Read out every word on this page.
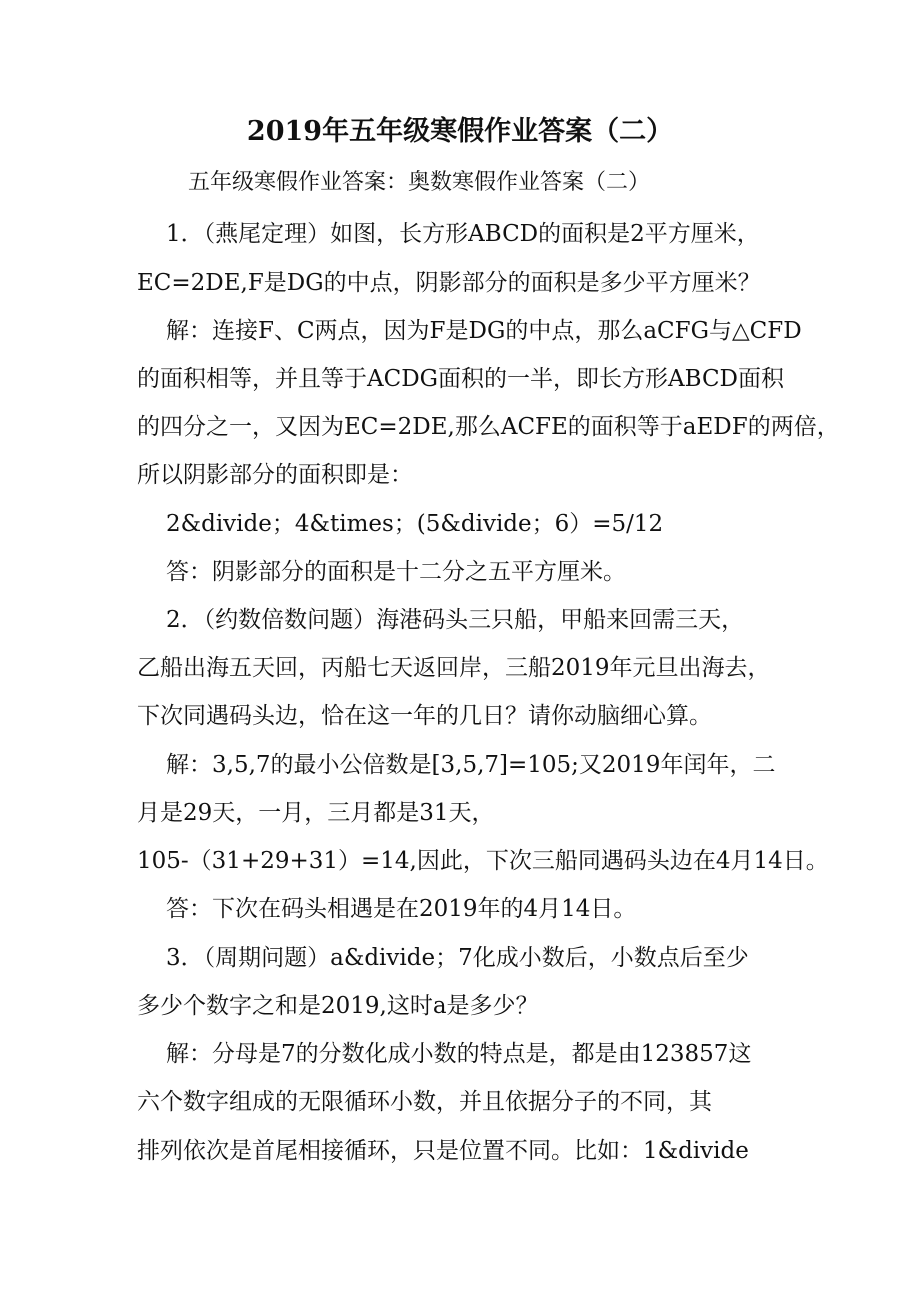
2019年五年级寒假作业答案（二）
五年级寒假作业答案：奥数寒假作业答案（二）
1．（燕尾定理）如图，长方形ABCD的面积是2平方厘米，
EC=2DE,F是DG的中点，阴影部分的面积是多少平方厘米？
解：连接F、C两点，因为F是DG的中点，那么aCFG与△CFD
的面积相等，并且等于ACDG面积的一半，即长方形ABCD面积
的四分之一，又因为EC=2DE,那么ACFE的面积等于aEDF的两倍，
所以阴影部分的面积即是：
2&divide；4&times；(5&divide；6）=5/12
答：阴影部分的面积是十二分之五平方厘米。
2．（约数倍数问题）海港码头三只船，甲船来回需三天，
乙船出海五天回，丙船七天返回岸，三船2019年元旦出海去，
下次同遇码头边，恰在这一年的几日？请你动脑细心算。
解：3,5,7的最小公倍数是[3,5,7]=105;又2019年闰年，二
月是29天，一月，三月都是31天，
105-（31+29+31）=14,因此，下次三船同遇码头边在4月14日。
答：下次在码头相遇是在2019年的4月14日。
3．（周期问题）a&divide；7化成小数后，小数点后至少
多少个数字之和是2019,这时a是多少？
解：分母是7的分数化成小数的特点是，都是由123857这
六个数字组成的无限循环小数，并且依据分子的不同，其
排列依次是首尾相接循环，只是位置不同。比如：1&divide
